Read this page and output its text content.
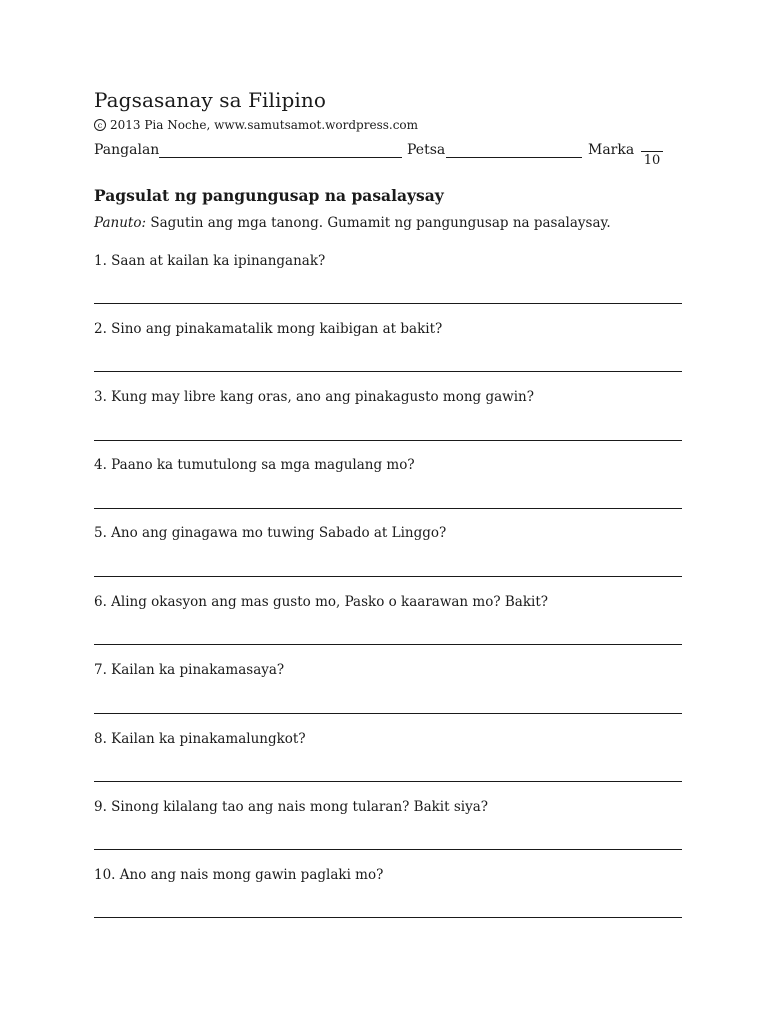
Pagsasanay sa Filipino
c 2013 Pia Noche, www.samutsamot.wordpress.com
Pangalan	Petsa	Marka
10
Pagsulat ng pangungusap na pasalaysay
Panuto: Sagutin ang mga tanong. Gumamit ng pangungusap na pasalaysay.
1. Saan at kailan ka ipinanganak?
2. Sino ang pinakamatalik mong kaibigan at bakit?
3. Kung may libre kang oras, ano ang pinakagusto mong gawin?
4. Paano ka tumutulong sa mga magulang mo?
5. Ano ang ginagawa mo tuwing Sabado at Linggo?
6. Aling okasyon ang mas gusto mo, Pasko o kaarawan mo? Bakit?
7. Kailan ka pinakamasaya?
8. Kailan ka pinakamalungkot?
9. Sinong kilalang tao ang nais mong tularan? Bakit siya?
10. Ano ang nais mong gawin paglaki mo?
